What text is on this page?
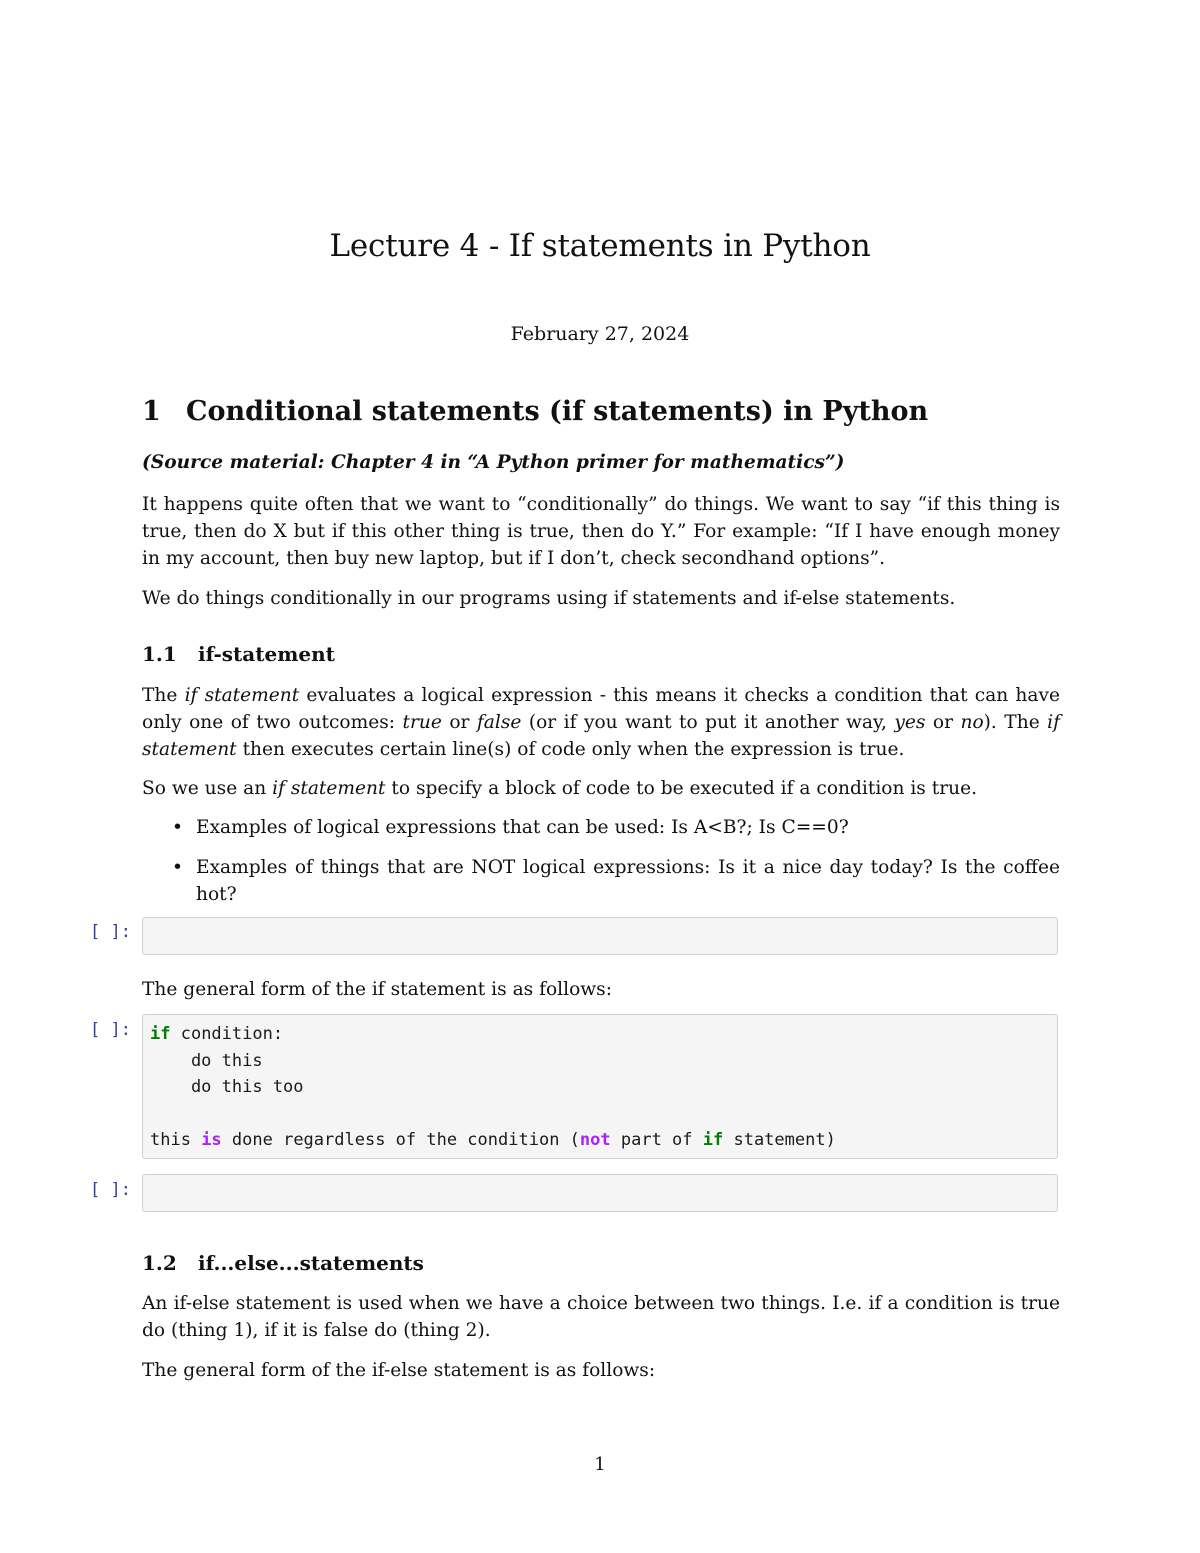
Lecture 4 - If statements in Python
February 27, 2024
1 Conditional statements (if statements) in Python
(Source material: Chapter 4 in “A Python primer for mathematics”)
It happens quite often that we want to “conditionally” do things. We want to say “if this thing is true, then do X but if this other thing is true, then do Y.” For example: “If I have enough money in my account, then buy new laptop, but if I don’t, check secondhand options”.
We do things conditionally in our programs using if statements and if-else statements.
1.1 if-statement
The if statement evaluates a logical expression - this means it checks a condition that can have only one of two outcomes: true or false (or if you want to put it another way, yes or no). The if statement then executes certain line(s) of code only when the expression is true.
So we use an if statement to specify a block of code to be executed if a condition is true.
• Examples of logical expressions that can be used: Is A<B?; Is C==0?
• Examples of things that are NOT logical expressions: Is it a nice day today? Is the coffee hot?
[ ]:
The general form of the if statement is as follows:
[ ]:	if condition:
do this
do this too

this is done regardless of the condition (not part of if statement)
[ ]:
1.2 if...else...statements
An if-else statement is used when we have a choice between two things. I.e. if a condition is true do (thing 1), if it is false do (thing 2).
The general form of the if-else statement is as follows:
1
